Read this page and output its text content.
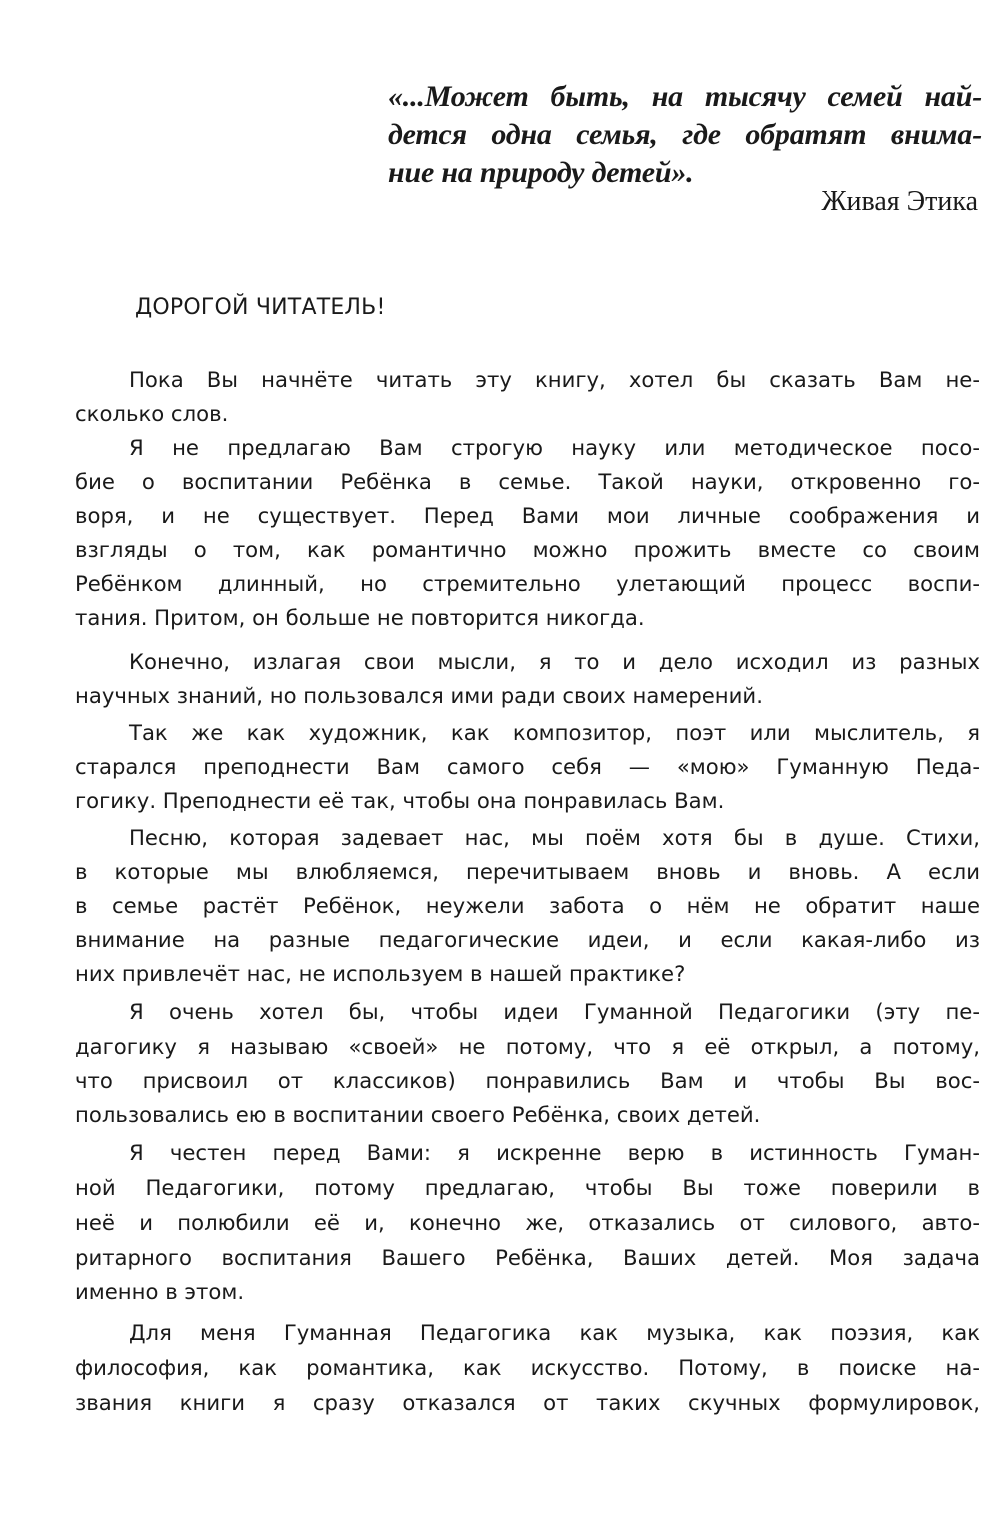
«...Может быть, на тысячу семей най-
дется одна семья, где обратят внима-
ние на природу детей».
Живая Этика
ДОРОГОЙ ЧИТАТЕЛЬ!
Пока Вы начнёте читать эту книгу, хотел бы сказать Вам не-
сколько слов.
Я не предлагаю Вам строгую науку или методическое посо-
бие о воспитании Ребёнка в семье. Такой науки, откровенно го-
воря, и не существует. Перед Вами мои личные соображения и
взгляды о том, как романтично можно прожить вместе со своим
Ребёнком длинный, но стремительно улетающий процесс воспи-
тания. Притом, он больше не повторится никогда.
Конечно, излагая свои мысли, я то и дело исходил из разных
научных знаний, но пользовался ими ради своих намерений.
Так же как художник, как композитор, поэт или мыслитель, я
старался преподнести Вам самого себя — «мою» Гуманную Педа-
гогику. Преподнести её так, чтобы она понравилась Вам.
Песню, которая задевает нас, мы поём хотя бы в душе. Стихи,
в которые мы влюбляемся, перечитываем вновь и вновь. А если
в семье растёт Ребёнок, неужели забота о нём не обратит наше
внимание на разные педагогические идеи, и если какая-либо из
них привлечёт нас, не используем в нашей практике?
Я очень хотел бы, чтобы идеи Гуманной Педагогики (эту пе-
дагогику я называю «своей» не потому, что я её открыл, а потому,
что присвоил от классиков) понравились Вам и чтобы Вы вос-
пользовались ею в воспитании своего Ребёнка, своих детей.
Я честен перед Вами: я искренне верю в истинность Гуман-
ной Педагогики, потому предлагаю, чтобы Вы тоже поверили в
неё и полюбили её и, конечно же, отказались от силового, авто-
ритарного воспитания Вашего Ребёнка, Ваших детей. Моя задача
именно в этом.
Для меня Гуманная Педагогика как музыка, как поэзия, как
философия, как романтика, как искусство. Потому, в поиске на-
звания книги я сразу отказался от таких скучных формулировок,
